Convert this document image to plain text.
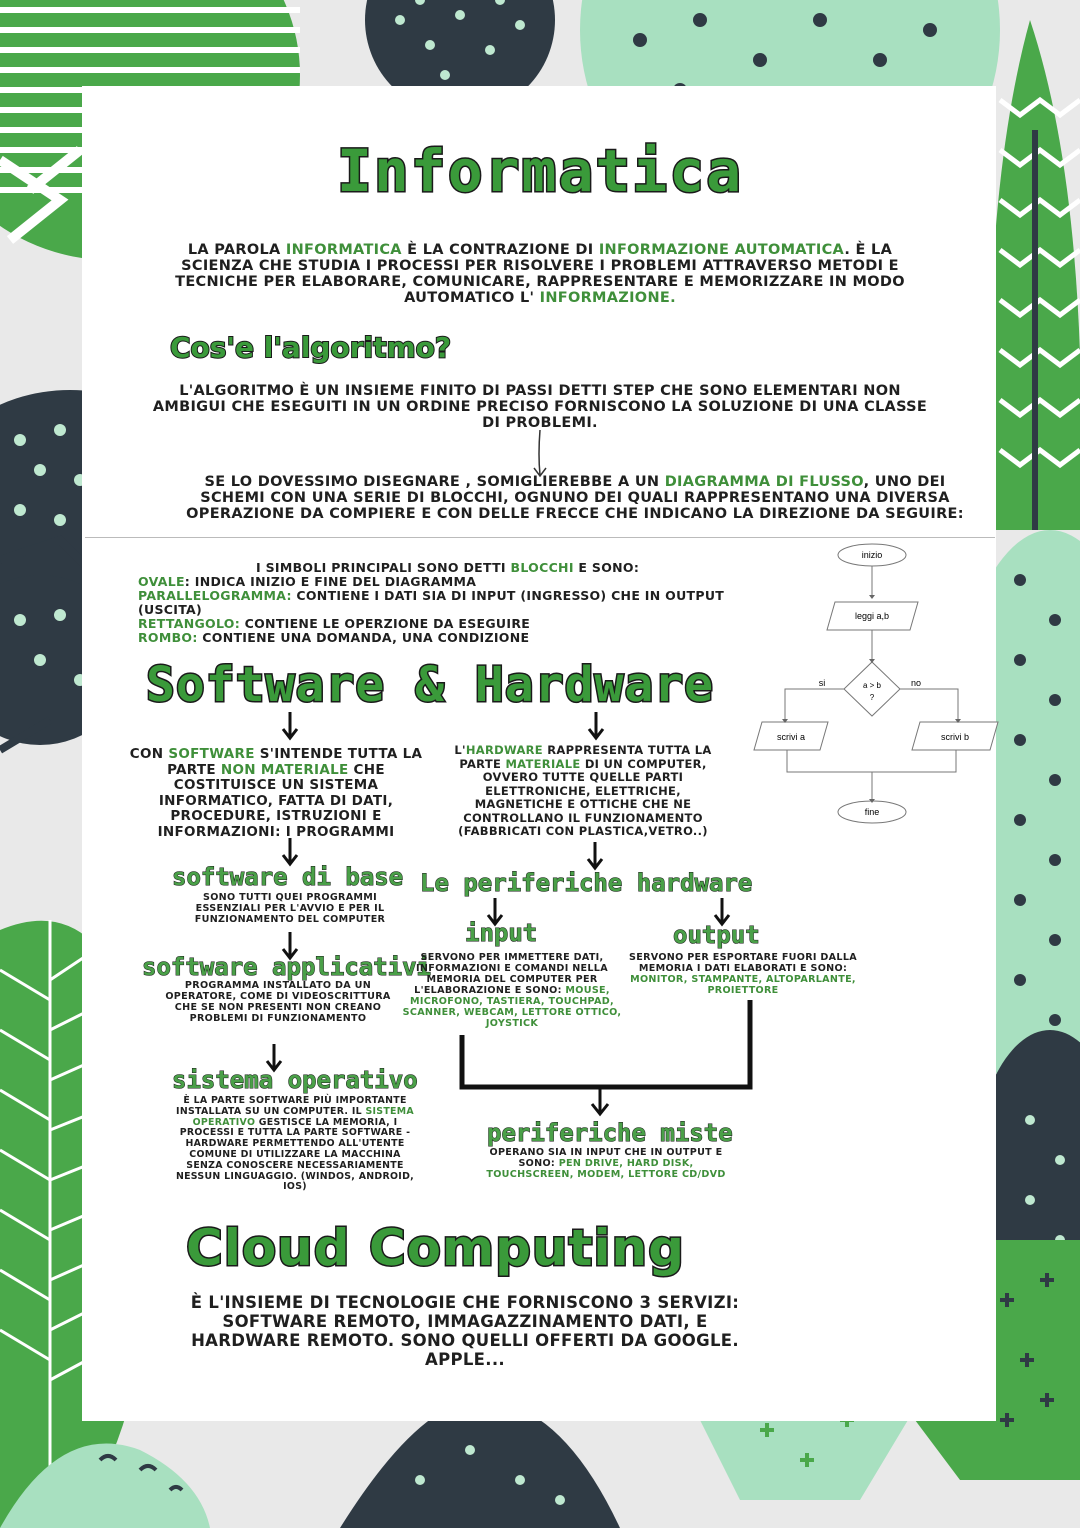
Informatica
LA PAROLA INFORMATICA È LA CONTRAZIONE DI INFORMAZIONE AUTOMATICA. È LA SCIENZA CHE STUDIA I PROCESSI PER RISOLVERE I PROBLEMI ATTRAVERSO METODI E TECNICHE PER ELABORARE, COMUNICARE, RAPPRESENTARE E MEMORIZZARE IN MODO AUTOMATICO L' INFORMAZIONE.
Cos'e l'algoritmo?
L'ALGORITMO È UN INSIEME FINITO DI PASSI DETTI STEP CHE SONO ELEMENTARI NON AMBIGUI CHE ESEGUITI IN UN ORDINE PRECISO FORNISCONO LA SOLUZIONE DI UNA CLASSE DI PROBLEMI.
SE LO DOVESSIMO DISEGNARE , SOMIGLIEREBBE A UN DIAGRAMMA DI FLUSSO, UNO DEI SCHEMI CON UNA SERIE DI BLOCCHI, OGNUNO DEI QUALI RAPPRESENTANO UNA DIVERSA OPERAZIONE DA COMPIERE E CON DELLE FRECCE CHE INDICANO LA DIREZIONE DA SEGUIRE:
I SIMBOLI PRINCIPALI SONO DETTI BLOCCHI E SONO:
OVALE: INDICA INIZIO E FINE DEL DIAGRAMMA
PARALLELOGRAMMA: CONTIENE I DATI SIA DI INPUT (INGRESSO) CHE IN OUTPUT (USCITA)
RETTANGOLO: CONTIENE LE OPERZIONE DA ESEGUIRE
ROMBO: CONTIENE UNA DOMANDA, UNA CONDIZIONE
inizio
leggi a,b
a > b
?
si	no
scrivi a	scrivi b
fine
Software & Hardware
CON SOFTWARE S'INTENDE TUTTA LA PARTE NON MATERIALE CHE COSTITUISCE UN SISTEMA INFORMATICO, FATTA DI DATI, PROCEDURE, ISTRUZIONI E INFORMAZIONI: I PROGRAMMI
L'HARDWARE RAPPRESENTA TUTTA LA PARTE MATERIALE DI UN COMPUTER, OVVERO TUTTE QUELLE PARTI ELETTRONICHE, ELETTRICHE, MAGNETICHE E OTTICHE CHE NE CONTROLLANO IL FUNZIONAMENTO (FABBRICATI CON PLASTICA,VETRO..)
software di base
SONO TUTTI QUEI PROGRAMMI ESSENZIALI PER L'AVVIO E PER IL FUNZIONAMENTO DEL COMPUTER
Le periferiche hardware
input	output
software applicativi
PROGRAMMA INSTALLATO DA UN OPERATORE, COME DI VIDEOSCRITTURA CHE SE NON PRESENTI NON CREANO PROBLEMI DI FUNZIONAMENTO
SERVONO PER IMMETTERE DATI, INFORMAZIONI E COMANDI NELLA MEMORIA DEL COMPUTER PER L'ELABORAZIONE E SONO: MOUSE, MICROFONO, TASTIERA, TOUCHPAD, SCANNER, WEBCAM, LETTORE OTTICO, JOYSTICK
SERVONO PER ESPORTARE FUORI DALLA MEMORIA I DATI ELABORATI E SONO: MONITOR, STAMPANTE, ALTOPARLANTE, PROIETTORE
sistema operativo
È LA PARTE SOFTWARE PIÙ IMPORTANTE INSTALLATA SU UN COMPUTER. IL SISTEMA OPERATIVO GESTISCE LA MEMORIA, I PROCESSI E TUTTA LA PARTE SOFTWARE -HARDWARE PERMETTENDO ALL'UTENTE COMUNE DI UTILIZZARE LA MACCHINA SENZA CONOSCERE NECESSARIAMENTE NESSUN LINGUAGGIO. (WINDOS, ANDROID, IOS)
periferiche miste
OPERANO SIA IN INPUT CHE IN OUTPUT E SONO: PEN DRIVE, HARD DISK, TOUCHSCREEN, MODEM, LETTORE CD/DVD
Cloud Computing
È L'INSIEME DI TECNOLOGIE CHE FORNISCONO 3 SERVIZI: SOFTWARE REMOTO, IMMAGAZZINAMENTO DATI, E HARDWARE REMOTO. SONO QUELLI OFFERTI DA GOOGLE. APPLE...
